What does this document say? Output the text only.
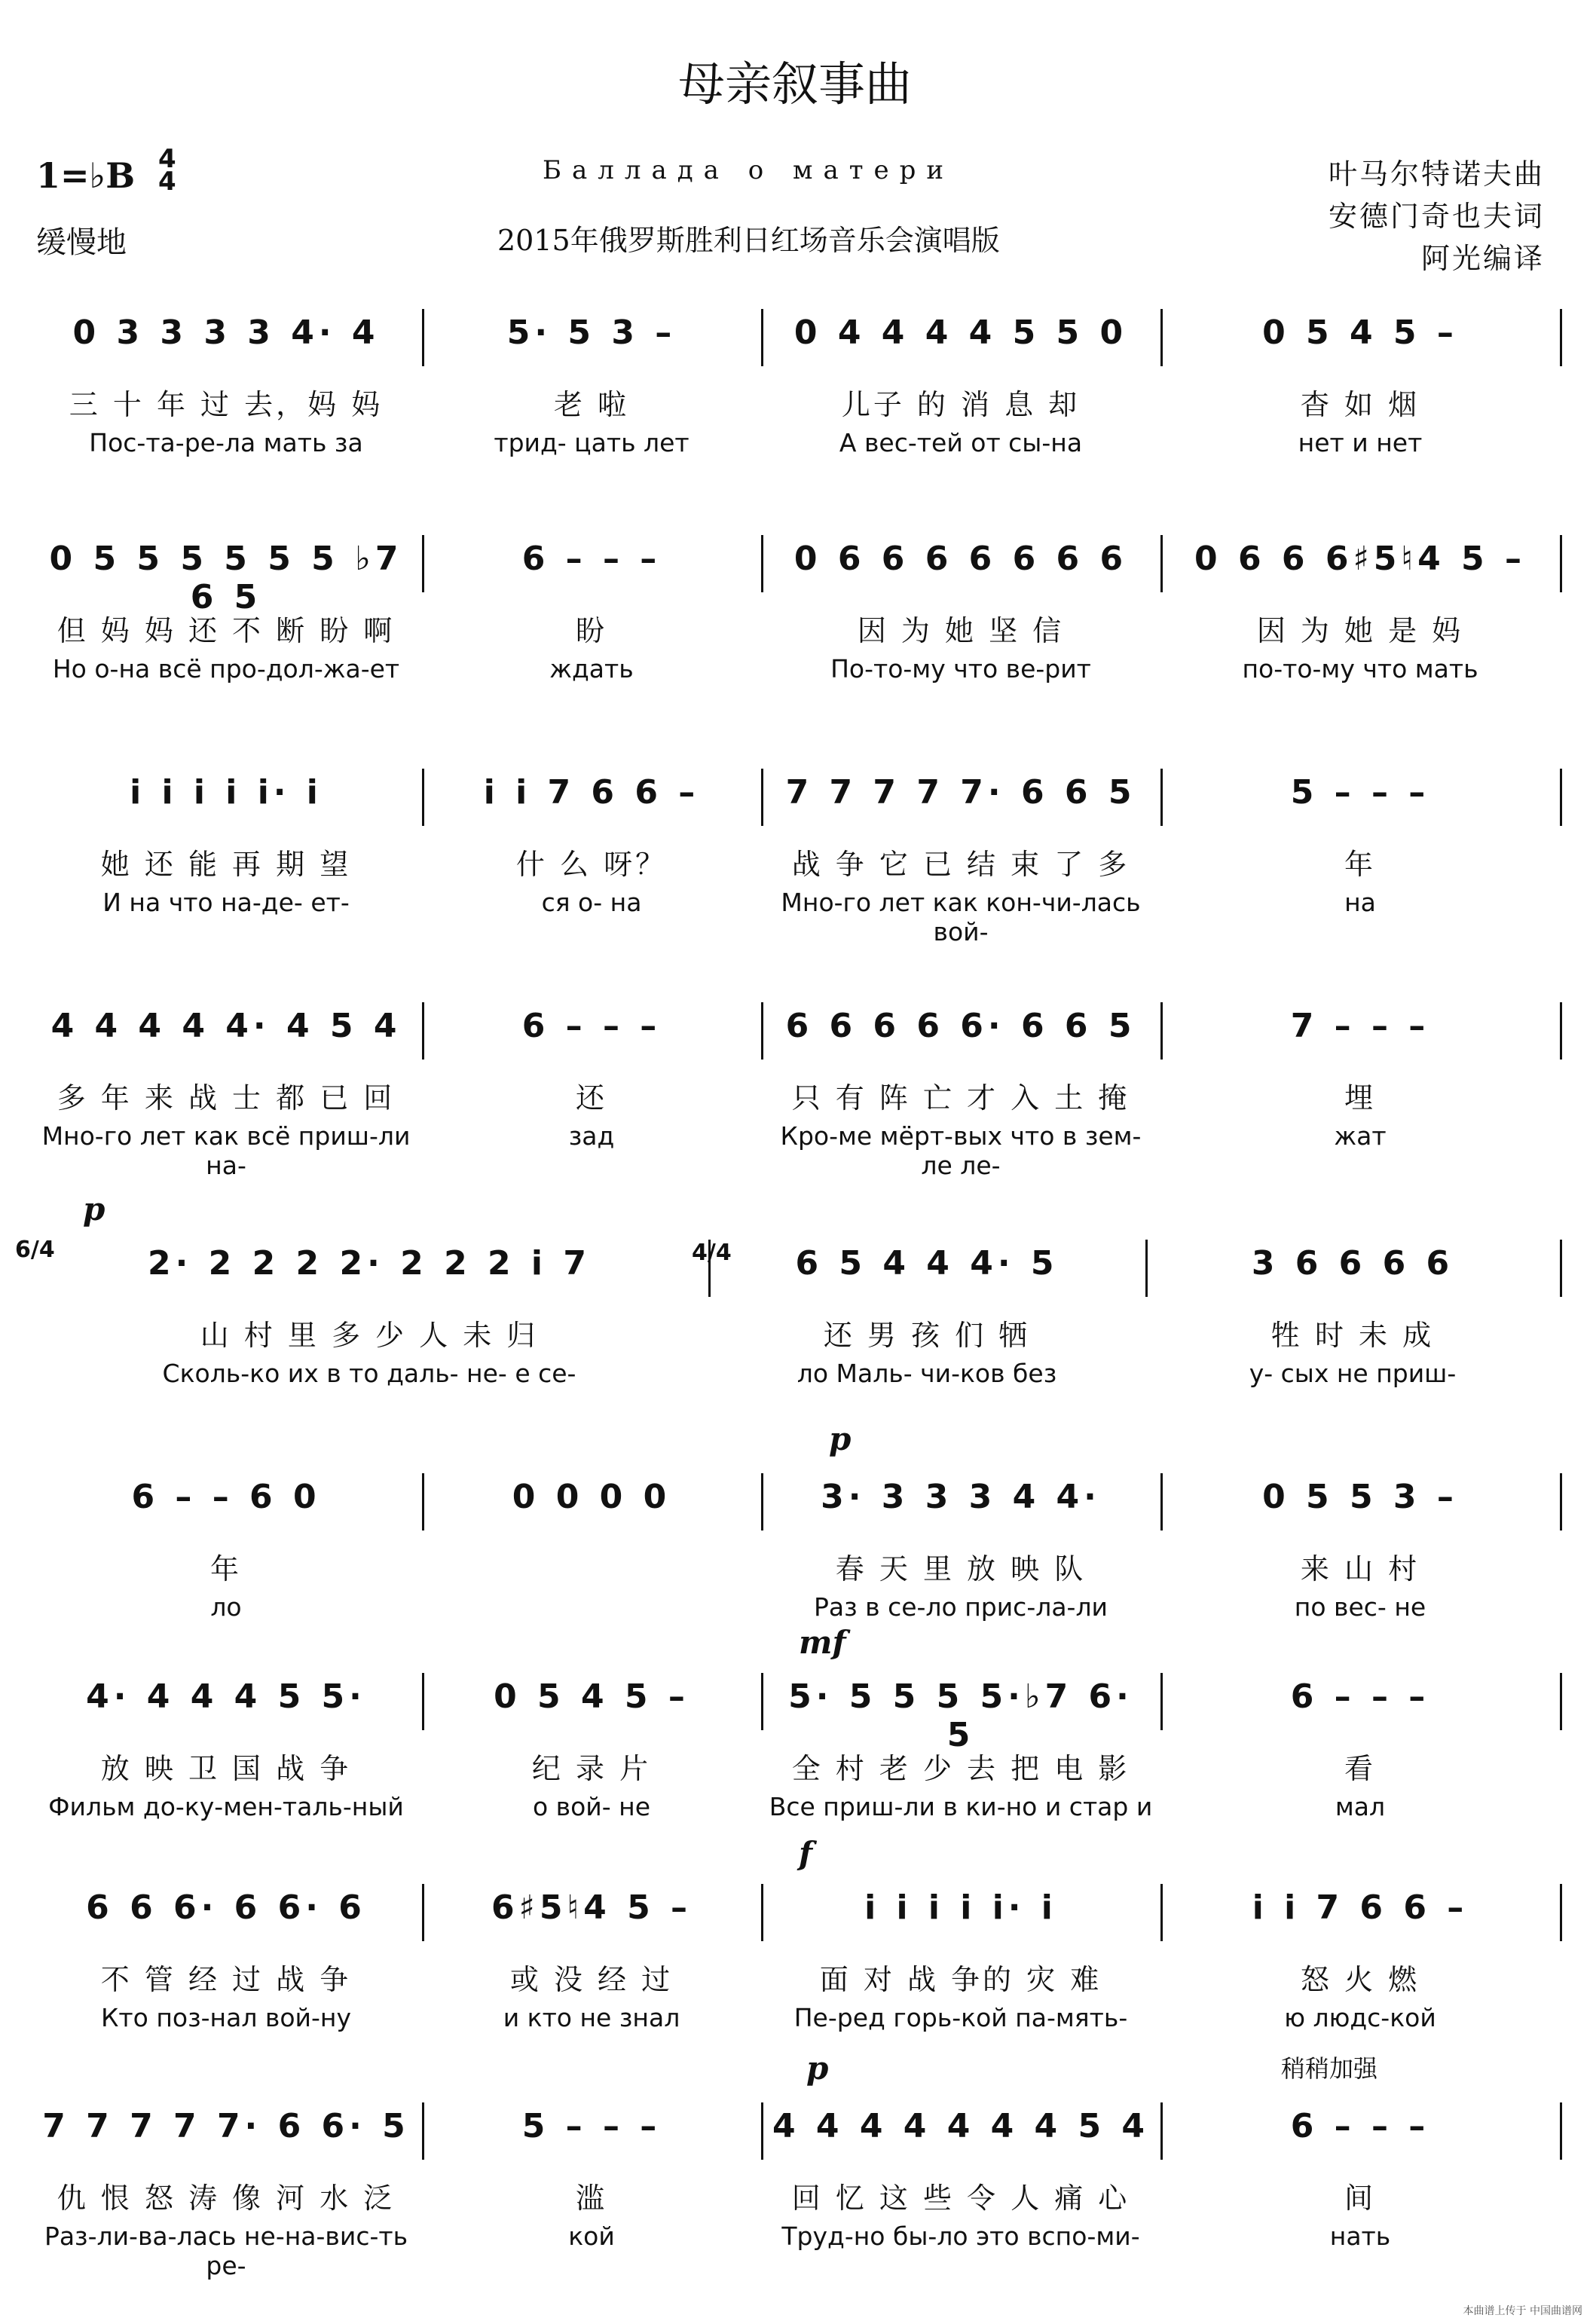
母亲叙事曲
1=♭B 4
4
缓慢地
Баллада о матери
2015年俄罗斯胜利日红场音乐会演唱版
叶马尔特诺夫曲
安德门奇也夫词
阿光编译
0 3 3 3 3 4· 4
三 十 年 过 去，妈 妈
Пос-та-ре-ла мать за
5· 5 3 –
老 啦
трид- цать лет
0 4 4 4 4 5 5 0
儿子 的 消 息 却
А вес-тей от сы-на
0 5 4 5 –
杳 如 烟
нет и нет
0 5 5 5 5 5 5 ♭7 6 5
但 妈 妈 还 不 断 盼 啊
Но о-на всё про-дол-жа-ет
6 – – –
盼
ждать
0 6 6 6 6 6 6 6
因 为 她 坚 信
По-то-му что ве-рит
0 6 6 6♯5♮4 5 –
因 为 她 是 妈
по-то-му что мать
i i i i i· i
她 还 能 再 期 望
И на что на-де- ет-
i i 7 6 6 –
什 么 呀？
ся о- на
7 7 7 7 7· 6 6 5
战 争 它 已 结 束 了 多
Мно-го лет как кон-чи-лась вой-
5 – – –
年
на
4 4 4 4 4· 4 5 4
多 年 来 战 士 都 已 回
Мно-го лет как всё приш-ли на-
6 – – –
还
зад
6 6 6 6 6· 6 6 5
只 有 阵 亡 才 入 土 掩
Кро-ме мёрт-вых что в зем-ле ле-
7 – – –
埋
жат
2· 2 2 2 2· 2 2 2 i 7
山 村 里 多 少 人 未 归
Сколь-ко их в то даль- не- е се-
6 5 4 4 4· 5
还 男 孩 们 牺
ло Маль- чи-ков без
3 6 6 6 6
牲 时 未 成
у- сых не приш-
6/4	4/4
6 – – 6 0
年
ло
0 0 0 0	3· 3 3 3 4 4·
春 天 里 放 映 队
Раз в се-ло прис-ла-ли
0 5 5 3 –
来 山 村
по вес- не
4· 4 4 4 5 5·
放 映 卫 国 战 争
Фильм до-ку-мен-таль-ный
0 5 4 5 –
纪 录 片
о вой- не
5· 5 5 5 5·♭7 6· 5
全 村 老 少 去 把 电 影
Все приш-ли в ки-но и стар и
6 – – –
看
мал
6 6 6· 6 6· 6
不 管 经 过 战 争
Кто поз-нал вой-ну
6♯5♮4 5 –
或 没 经 过
и кто не знал
i i i i i· i
面 对 战 争的 灾 难
Пе-ред горь-кой па-мять-
i i 7 6 6 –
怒 火 燃
ю людс-кой
7 7 7 7 7· 6 6· 5
仇 恨 怒 涛 像 河 水 泛
Раз-ли-ва-лась не-на-вис-ть ре-
5 – – –
滥
кой
4 4 4 4 4 4 4 5 4
回 忆 这 些 令 人 痛 心
Труд-но бы-ло это вспо-ми-
6 – – –
间
нать
本曲谱上传于 中国曲谱网
p
p
mf
f
p	稍稍加强
